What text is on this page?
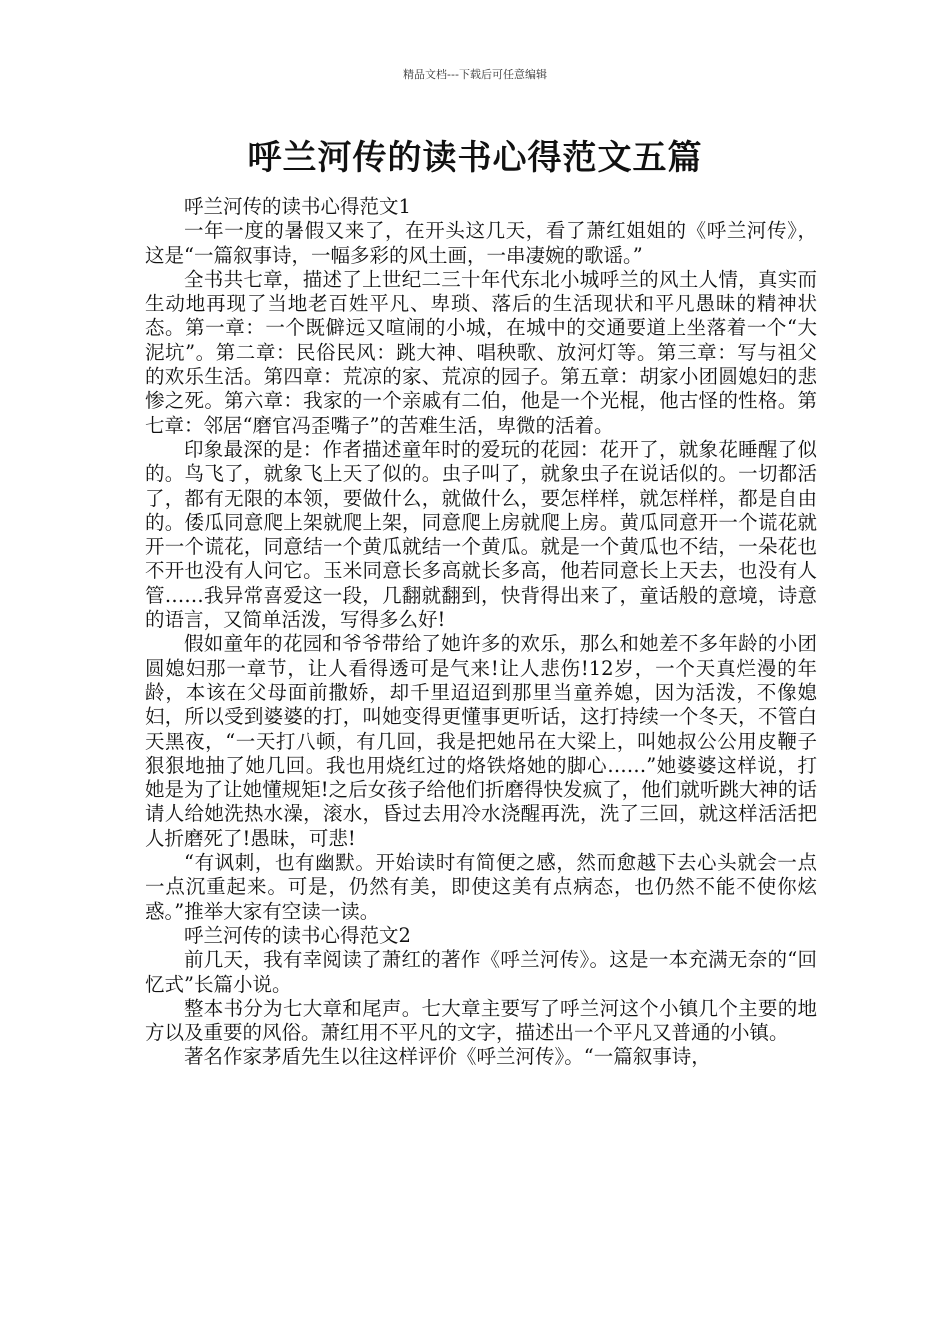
精品文档---下载后可任意编辑
呼兰河传的读书心得范文五篇

呼兰河传的读书心得范文1

一年一度的暑假又来了，在开头这几天，看了萧红姐姐的《呼兰河传》，这是“一篇叙事诗，一幅多彩的风土画，一串凄婉的歌谣。”

全书共七章，描述了上世纪二三十年代东北小城呼兰的风土人情，真实而生动地再现了当地老百姓平凡、卑琐、落后的生活现状和平凡愚昧的精神状态。第一章：一个既僻远又喧闹的小城，在城中的交通要道上坐落着一个“大泥坑”。第二章：民俗民风：跳大神、唱秧歌、放河灯等。第三章：写与祖父的欢乐生活。第四章：荒凉的家、荒凉的园子。第五章：胡家小团圆媳妇的悲惨之死。第六章：我家的一个亲戚有二伯，他是一个光棍，他古怪的性格。第七章：邻居“磨官冯歪嘴子”的苦难生活，卑微的活着。

印象最深的是：作者描述童年时的爱玩的花园：花开了，就象花睡醒了似的。鸟飞了，就象飞上天了似的。虫子叫了，就象虫子在说话似的。一切都活了，都有无限的本领，要做什么，就做什么，要怎样样，就怎样样，都是自由的。倭瓜同意爬上架就爬上架，同意爬上房就爬上房。黄瓜同意开一个谎花就开一个谎花，同意结一个黄瓜就结一个黄瓜。就是一个黄瓜也不结，一朵花也不开也没有人问它。玉米同意长多高就长多高，他若同意长上天去，也没有人管……我异常喜爱这一段，几翻就翻到，快背得出来了，童话般的意境，诗意的语言，又简单活泼，写得多么好!

假如童年的花园和爷爷带给了她许多的欢乐，那么和她差不多年龄的小团圆媳妇那一章节，让人看得透可是气来!让人悲伤!12岁，一个天真烂漫的年龄，本该在父母面前撒娇，却千里迢迢到那里当童养媳，因为活泼，不像媳妇，所以受到婆婆的打，叫她变得更懂事更听话，这打持续一个冬天，不管白天黑夜，“一天打八顿，有几回，我是把她吊在大梁上，叫她叔公公用皮鞭子狠狠地抽了她几回。我也用烧红过的烙铁烙她的脚心……”她婆婆这样说，打她是为了让她懂规矩!之后女孩子给他们折磨得快发疯了，他们就听跳大神的话请人给她洗热水澡，滚水，昏过去用冷水浇醒再洗，洗了三回，就这样活活把人折磨死了!愚昧，可悲!

“有讽刺，也有幽默。开始读时有简便之感，然而愈越下去心头就会一点一点沉重起来。可是，仍然有美，即使这美有点病态，也仍然不能不使你炫惑。”推举大家有空读一读。

呼兰河传的读书心得范文2

前几天，我有幸阅读了萧红的著作《呼兰河传》。这是一本充满无奈的“回忆式”长篇小说。

整本书分为七大章和尾声。七大章主要写了呼兰河这个小镇几个主要的地方以及重要的风俗。萧红用不平凡的文字，描述出一个平凡又普通的小镇。

著名作家茅盾先生以往这样评价《呼兰河传》。“一篇叙事诗，
